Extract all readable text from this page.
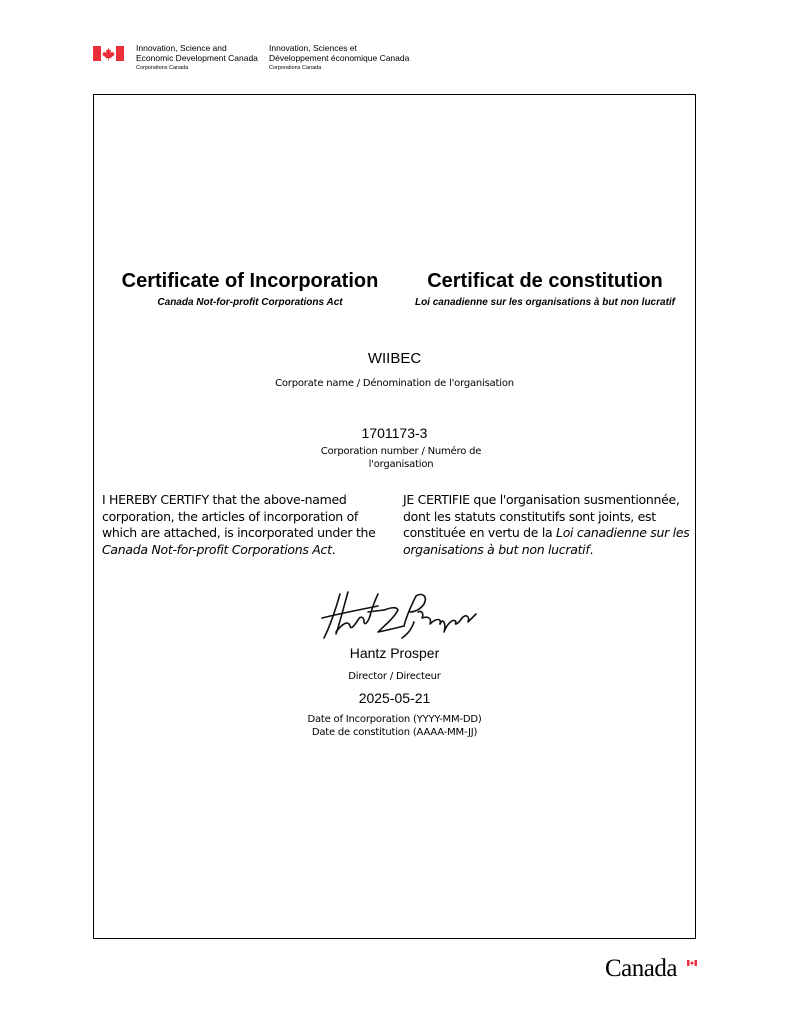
Innovation, Science and
Economic Development Canada
Corporations Canada
Innovation, Sciences et
Développement économique Canada
Corporations Canada
Certificate of Incorporation	Certificat de constitution
Canada Not-for-profit Corporations Act	Loi canadienne sur les organisations à but non lucratif
WIIBEC
Corporate name / Dénomination de l'organisation
1701173-3
Corporation number / Numéro de l'organisation
I HEREBY CERTIFY that the above-named corporation, the articles of incorporation of which are attached, is incorporated under the Canada Not-for-profit Corporations Act.
JE CERTIFIE que l'organisation susmentionnée, dont les statuts constitutifs sont joints, est constituée en vertu de la Loi canadienne sur les organisations à but non lucratif.
Hantz Prosper
Director / Directeur
2025-05-21
Date of Incorporation (YYYY-MM-DD)
Date de constitution (AAAA-MM-JJ)
Canada
